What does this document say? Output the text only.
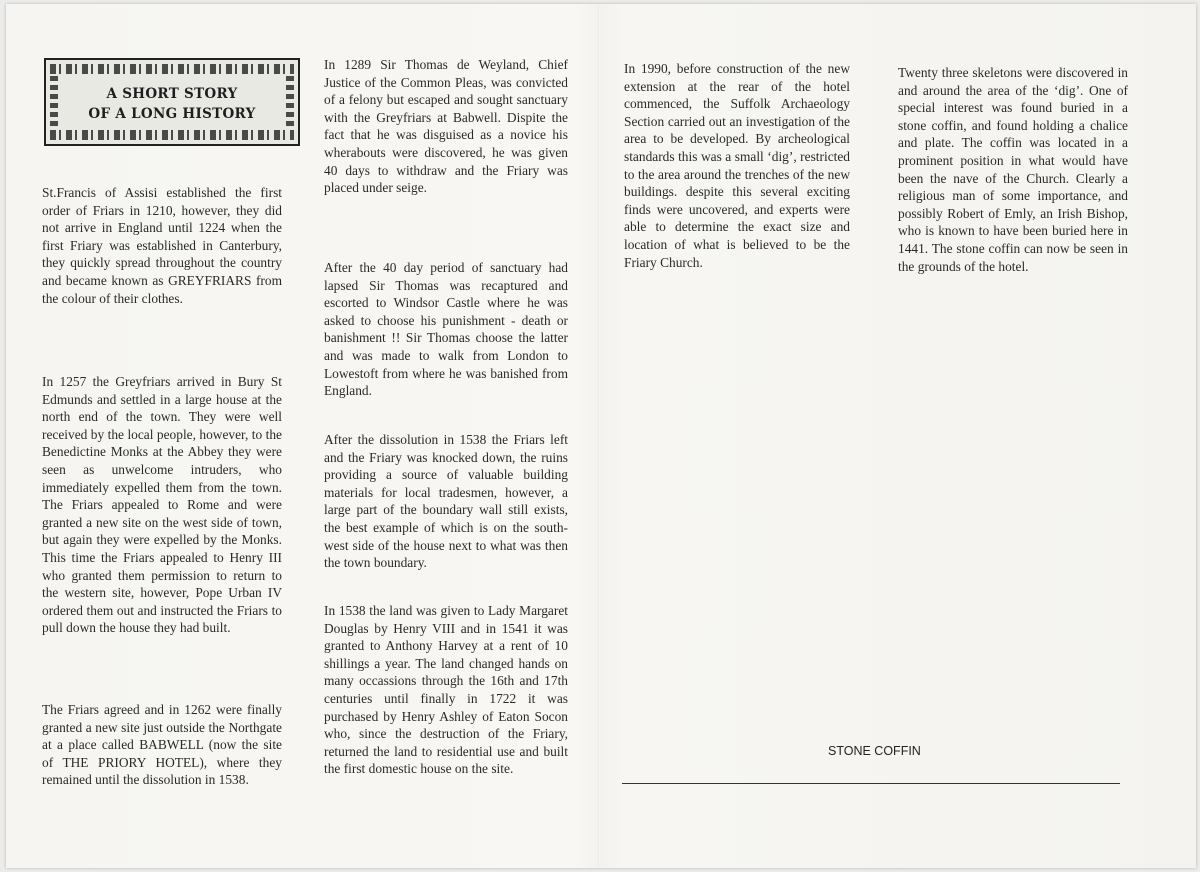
A SHORT STORY
OF A LONG HISTORY

St.Francis of Assisi established the first order of Friars in 1210, however, they did not arrive in England until 1224 when the first Friary was established in Canterbury, they quickly spread throughout the country and became known as GREYFRIARS from the colour of their clothes.

In 1257 the Greyfriars arrived in Bury St Edmunds and settled in a large house at the north end of the town. They were well received by the local people, however, to the Benedictine Monks at the Abbey they were seen as unwelcome intruders, who immediately expelled them from the town. The Friars appealed to Rome and were granted a new site on the west side of town, but again they were expelled by the Monks. This time the Friars appealed to Henry III who granted them permission to return to the western site, however, Pope Urban IV ordered them out and instructed the Friars to pull down the house they had built.

The Friars agreed and in 1262 were finally granted a new site just outside the Northgate at a place called BABWELL (now the site of THE PRIORY HOTEL), where they remained until the dissolution in 1538.

In 1289 Sir Thomas de Weyland, Chief Justice of the Common Pleas, was convicted of a felony but escaped and sought sanctuary with the Greyfriars at Babwell. Dispite the fact that he was disguised as a novice his wherabouts were discovered, he was given 40 days to withdraw and the Friary was placed under seige.

After the 40 day period of sanctuary had lapsed Sir Thomas was recaptured and escorted to Windsor Castle where he was asked to choose his punishment - death or banishment !! Sir Thomas choose the latter and was made to walk from London to Lowestoft from where he was banished from England.

After the dissolution in 1538 the Friars left and the Friary was knocked down, the ruins providing a source of valuable building materials for local tradesmen, however, a large part of the boundary wall still exists, the best example of which is on the south-west side of the house next to what was then the town boundary.

In 1538 the land was given to Lady Margaret Douglas by Henry VIII and in 1541 it was granted to Anthony Harvey at a rent of 10 shillings a year. The land changed hands on many occassions through the 16th and 17th centuries until finally in 1722 it was purchased by Henry Ashley of Eaton Socon who, since the destruction of the Friary, returned the land to residential use and built the first domestic house on the site.

In 1990, before construction of the new extension at the rear of the hotel commenced, the Suffolk Archaeology Section carried out an investigation of the area to be developed. By archeological standards this was a small ‘dig’, restricted to the area around the trenches of the new buildings. despite this several exciting finds were uncovered, and experts were able to determine the exact size and location of what is believed to be the Friary Church.

Twenty three skeletons were discovered in and around the area of the ‘dig’. One of special interest was found buried in a stone coffin, and found holding a chalice and plate. The coffin was located in a prominent position in what would have been the nave of the Church. Clearly a religious man of some importance, and possibly Robert of Emly, an Irish Bishop, who is known to have been buried here in 1441. The stone coffin can now be seen in the grounds of the hotel.

STONE COFFIN
